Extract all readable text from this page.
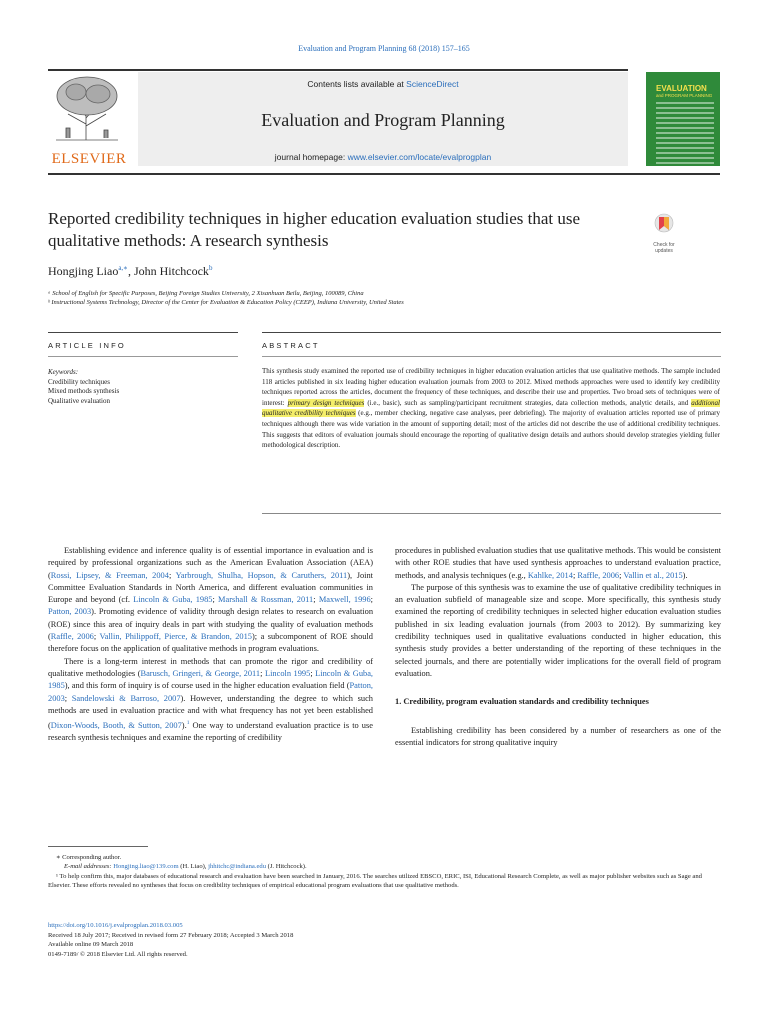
Evaluation and Program Planning 68 (2018) 157–165
ELSEVIER
Contents lists available at ScienceDirect
Evaluation and Program Planning
journal homepage: www.elsevier.com/locate/evalprogplan
EVALUATION
and PROGRAM PLANNING
Reported credibility techniques in higher education evaluation studies that use qualitative methods: A research synthesis	Check for
updates
Hongjing Liao$^{a,∗}$, John Hitchcock$^b$
ᵃ School of English for Specific Purposes, Beijing Foreign Studies University, 2 Xisanhuan Beilu, Beijing, 100089, China
ᵇ Instructional Systems Technology, Director of the Center for Evaluation & Education Policy (CEEP), Indiana University, United States
ARTICLE INFO	ABSTRACT
Keywords:
Credibility techniques
Mixed methods synthesis
Qualitative evaluation
This synthesis study examined the reported use of credibility techniques in higher education evaluation articles that use qualitative methods. The sample included 118 articles published in six leading higher education evaluation journals from 2003 to 2012. Mixed methods approaches were used to identify key credibility techniques reported across the articles, document the frequency of these techniques, and describe their use and properties. Two broad sets of techniques were of interest: primary design techniques (i.e., basic), such as sampling/participant recruitment strategies, data collection methods, analytic details, and additional qualitative credibility techniques (e.g., member checking, negative case analyses, peer debriefing). The majority of evaluation articles reported use of primary techniques although there was wide variation in the amount of supporting detail; most of the articles did not describe the use of additional credibility techniques. This suggests that editors of evaluation journals should encourage the reporting of qualitative design details and authors should develop strategies yielding fuller methodological description.

Establishing evidence and inference quality is of essential importance in evaluation and is required by professional organizations such as the American Evaluation Association (AEA) (Rossi, Lipsey, & Freeman, 2004; Yarbrough, Shulha, Hopson, & Caruthers, 2011), Joint Committee Evaluation Standards in North America, and different evaluation communities in Europe and beyond (cf. Lincoln & Guba, 1985; Marshall & Rossman, 2011; Maxwell, 1996; Patton, 2003). Promoting evidence of validity through design relates to research on evaluation (ROE) since this area of inquiry deals in part with studying the quality of evaluation methods (Raffle, 2006; Vallin, Philippoff, Pierce, & Brandon, 2015); a subcomponent of ROE should therefore focus on the application of qualitative methods in program evaluations.

There is a long-term interest in methods that can promote the rigor and credibility of qualitative methodologies (Barusch, Gringeri, & George, 2011; Lincoln 1995; Lincoln & Guba, 1985), and this form of inquiry is of course used in the higher education evaluation field (Patton, 2003; Sandelowski & Barroso, 2007). However, understanding the degree to which such methods are used in evaluation practice and with what frequency has not yet been established (Dixon-Woods, Booth, & Sutton, 2007).$^1$ One way to understand evaluation practice is to use research synthesis techniques and examine the reporting of credibility

procedures in published evaluation studies that use qualitative methods. This would be consistent with other ROE studies that have used synthesis approaches to understand evaluation practice, methods, and analysis techniques (e.g., Kahlke, 2014; Raffle, 2006; Vallin et al., 2015).

The purpose of this synthesis was to examine the use of qualitative credibility techniques in an evaluation subfield of manageable size and scope. More specifically, this synthesis study examined the reporting of credibility techniques in selected higher education evaluation studies published in six leading evaluation journals (from 2003 to 2012). By summarizing key credibility techniques used in qualitative evaluations conducted in higher education, this synthesis study provides a better understanding of the reporting of these techniques in the selected journals, and there are potentially wider implications for the overall field of program evaluation.

1. Credibility, program evaluation standards and credibility techniques

Establishing credibility has been considered by a number of researchers as one of the essential indicators for strong qualitative inquiry

∗ Corresponding author.

E-mail addresses: Hongjing.liao@139.com (H. Liao), jhhitchc@indiana.edu (J. Hitchcock).

¹ To help confirm this, major databases of educational research and evaluation have been searched in January, 2016. The searches utilized EBSCO, ERIC, ISI, Educational Research Complete, as well as major publisher websites such as Sage and Elsevier. These efforts revealed no syntheses that focus on credibility techniques of empirical educational program evaluations that use qualitative methods.

https://doi.org/10.1016/j.evalprogplan.2018.03.005
Received 18 July 2017; Received in revised form 27 February 2018; Accepted 3 March 2018
Available online 09 March 2018
0149-7189/ © 2018 Elsevier Ltd. All rights reserved.
